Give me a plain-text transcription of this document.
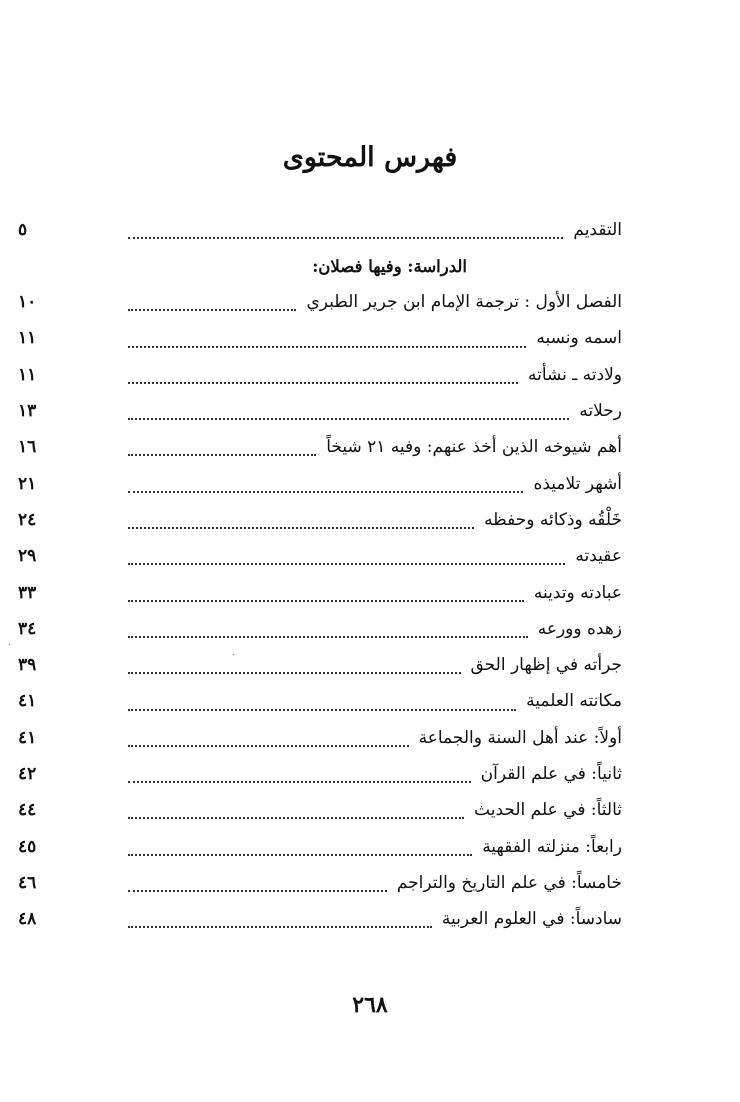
فهرس المحتوى
التقديم
٥
الدراسة: وفيها فصلان:
الفصل الأول : ترجمة الإمام ابن جرير الطبري
١٠
اسمه ونسبه
١١
ولادته ـ نشأته
١١
رحلاته
١٣
أهم شيوخه الذين أخذ عنهم: وفيه ٢١ شيخاً
١٦
أشهر تلاميذه
٢١
خَلْقُه وذكائه وحفظه
٢٤
عقيدته
٢٩
عبادته وتدينه
٣٣
زهده وورعه
٣٤
جرأته في إظهار الحق
٣٩
مكانته العلمية
٤١
أولاً: عند أهل السنة والجماعة
٤١
ثانياً: في علم القرآن
٤٢
ثالثاً: في علم الحديث
٤٤
رابعاً: منزلته الفقهية
٤٥
خامساً: في علم التاريخ والتراجم
٤٦
سادساً: في العلوم العربية
٤٨
٢٦٨
·
·
